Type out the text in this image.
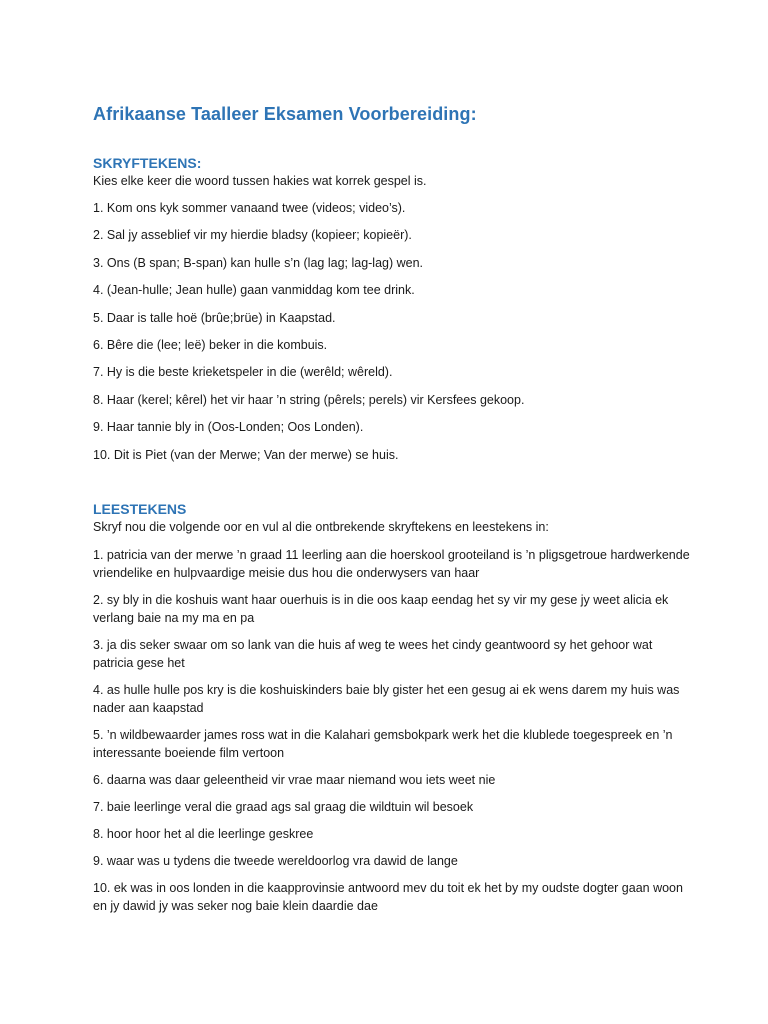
Afrikaanse Taalleer Eksamen Voorbereiding:
SKRYFTEKENS:

Kies elke keer die woord tussen hakies wat korrek gespel is.

1. Kom ons kyk sommer vanaand twee (videos; video’s).
2. Sal jy asseblief vir my hierdie bladsy (kopieer; kopieër).
3. Ons (B span; B-span) kan hulle s’n (lag lag; lag-lag) wen.
4. (Jean-hulle; Jean hulle) gaan vanmiddag kom tee drink.
5. Daar is talle hoë (brûe;brüe) in Kaapstad.
6. Bêre die (lee; leë) beker in die kombuis.
7. Hy is die beste krieketspeler in die (werêld; wêreld).
8. Haar (kerel; kêrel) het vir haar ’n string (pêrels; perels) vir Kersfees gekoop.
9. Haar tannie bly in (Oos-Londen; Oos Londen).
10. Dit is Piet (van der Merwe; Van der merwe) se huis.
LEESTEKENS

Skryf nou die volgende oor en vul al die ontbrekende skryftekens en leestekens in:

1. patricia van der merwe ’n graad 11 leerling aan die hoerskool grooteiland is ’n pligsgetroue hardwerkende vriendelike en hulpvaardige meisie dus hou die onderwysers van haar
2. sy bly in die koshuis want haar ouerhuis is in die oos kaap eendag het sy vir my gese jy weet alicia ek verlang baie na my ma en pa
3. ja dis seker swaar om so lank van die huis af weg te wees het cindy geantwoord sy het gehoor wat patricia gese het
4. as hulle hulle pos kry is die koshuiskinders baie bly gister het een gesug ai ek wens darem my huis was nader aan kaapstad
5. ’n wildbewaarder james ross wat in die Kalahari gemsbokpark werk het die klublede toegespreek en ’n interessante boeiende film vertoon
6. daarna was daar geleentheid vir vrae maar niemand wou iets weet nie
7. baie leerlinge veral die graad ags sal graag die wildtuin wil besoek
8. hoor hoor het al die leerlinge geskree
9. waar was u tydens die tweede wereldoorlog vra dawid de lange
10. ek was in oos londen in die kaapprovinsie antwoord mev du toit ek het by my oudste dogter gaan woon en jy dawid jy was seker nog baie klein daardie dae
